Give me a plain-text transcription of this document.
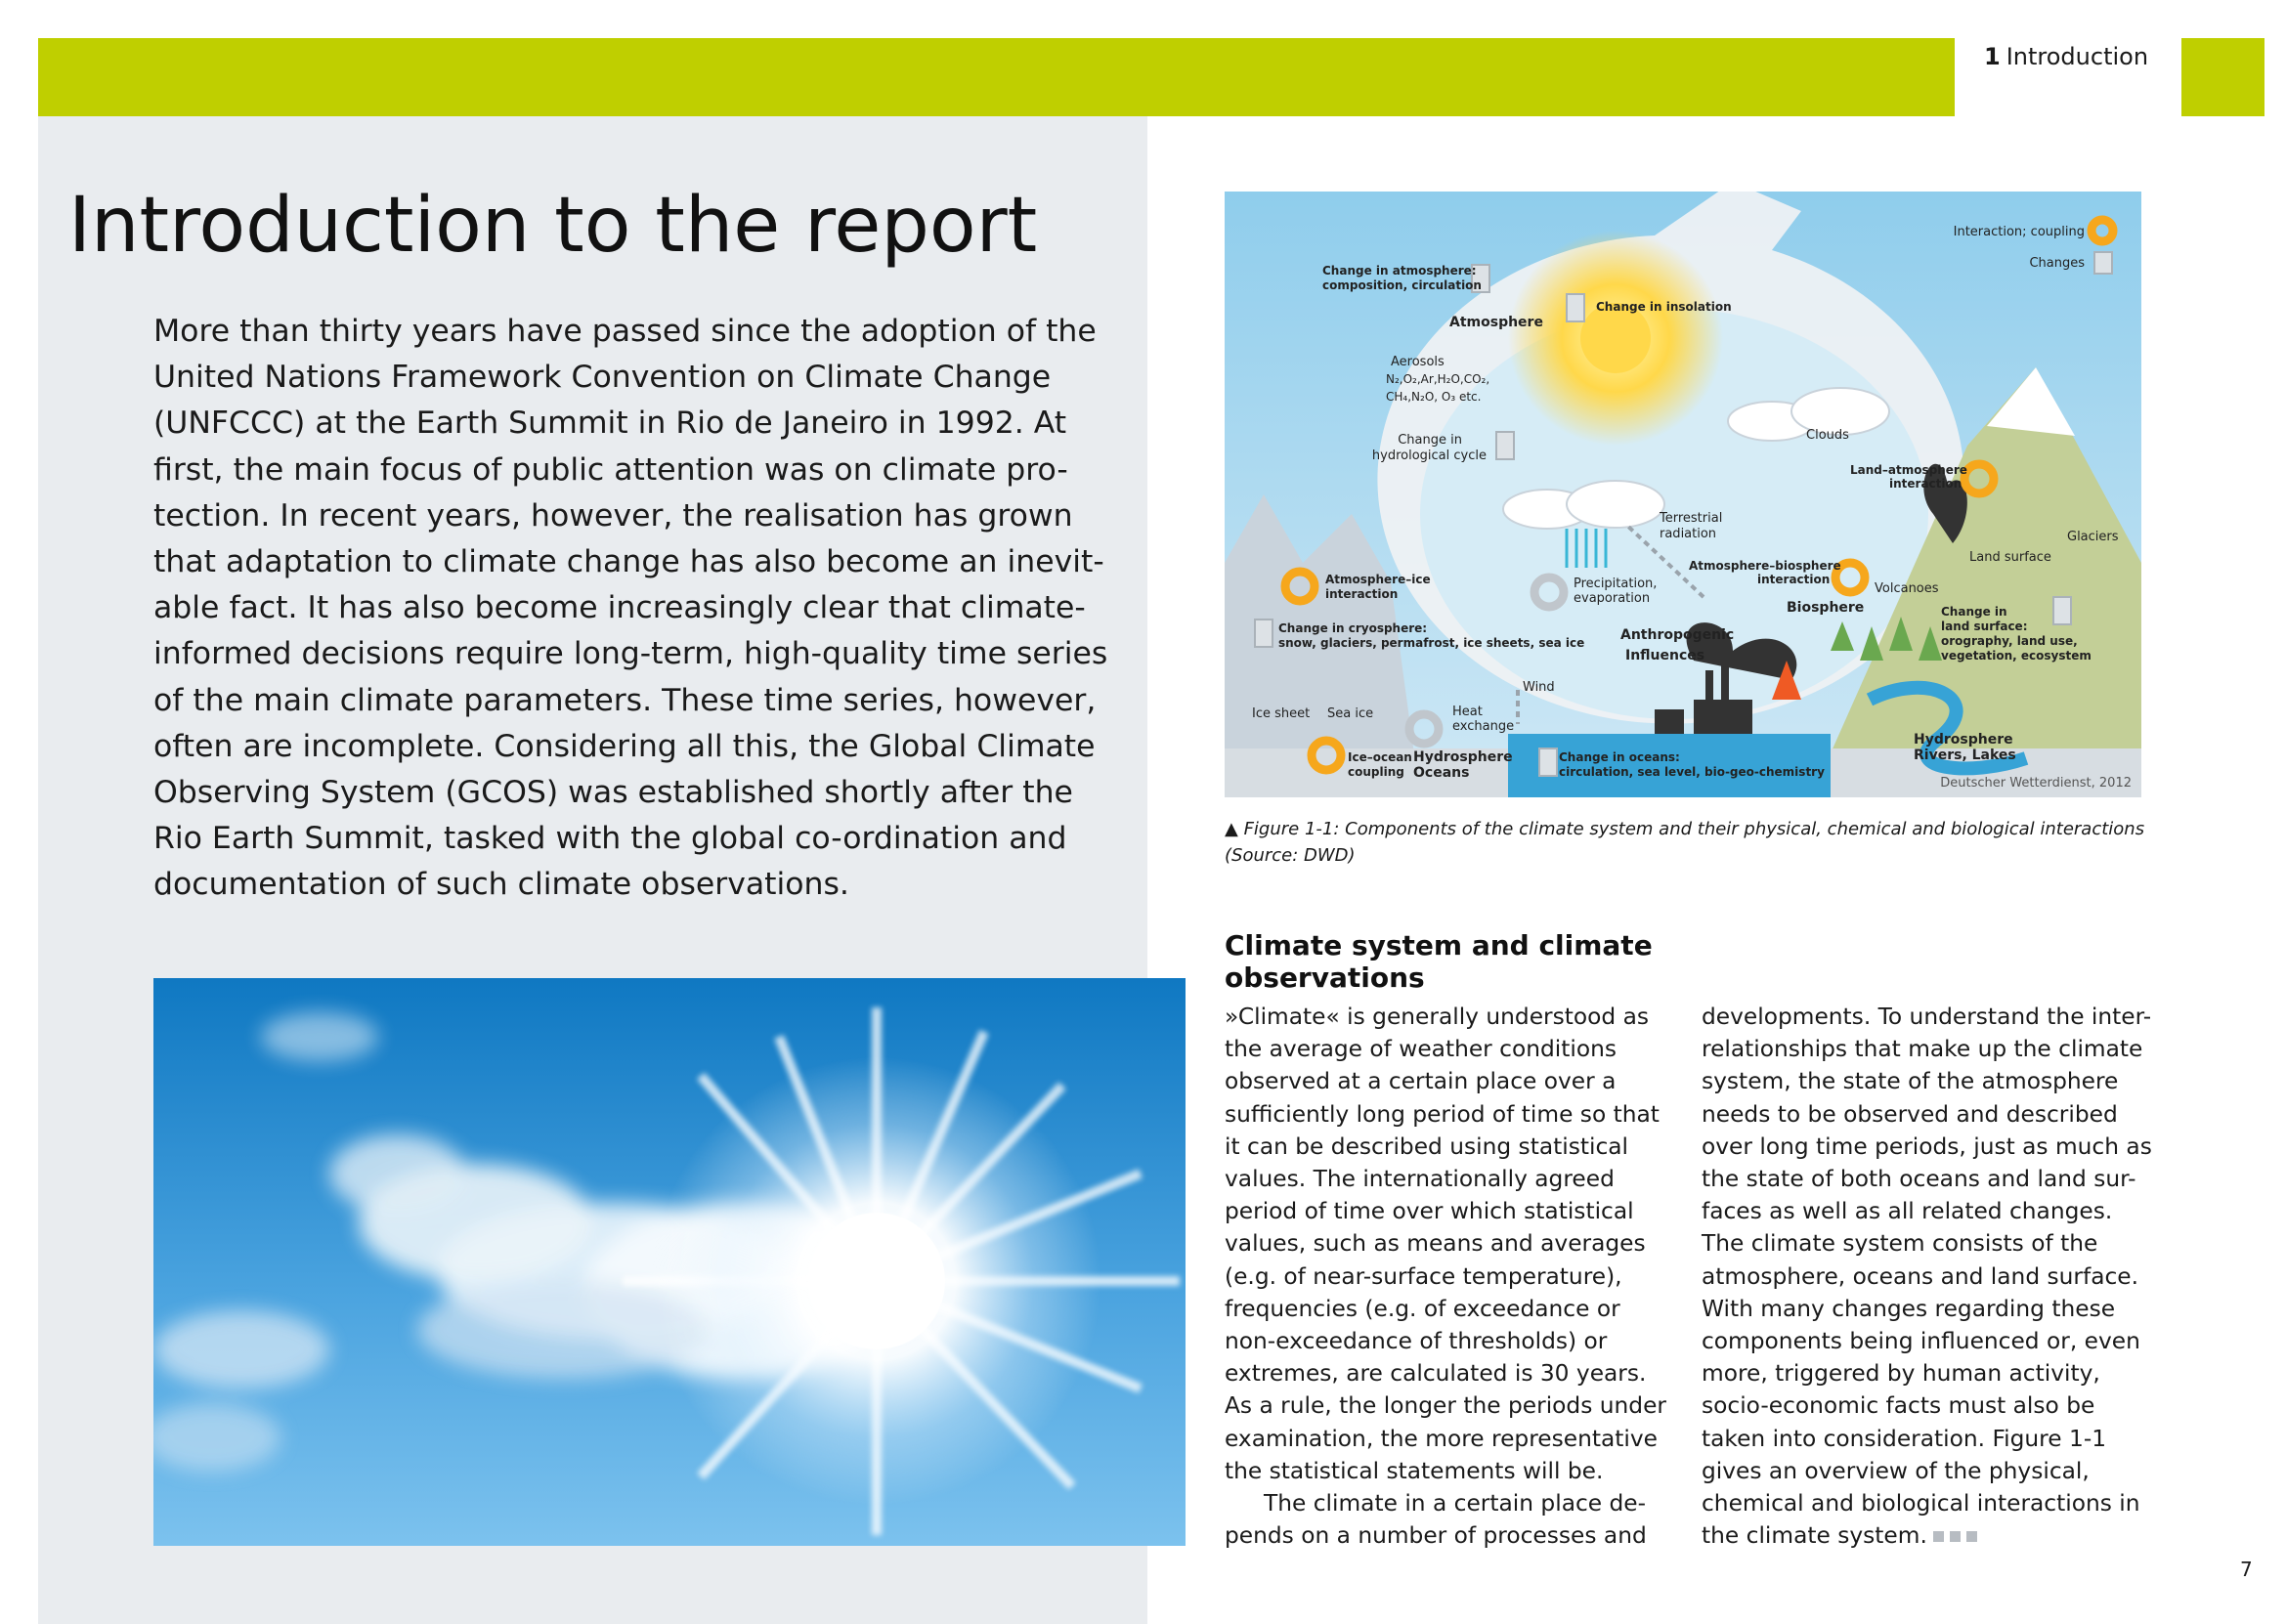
1 Introduction
Introduction to the report
More than thirty years have passed since the adoption of the
United Nations Framework Convention on Climate Change
(UNFCCC) at the Earth Summit in Rio de Janeiro in 1992. At
first, the main focus of public attention was on climate pro-
tection. In recent years, however, the realisation has grown
that adaptation to climate change has also become an inevit-
able fact. It has also become increasingly clear that climate-
informed decisions require long-term, high-quality time series
of the main climate parameters. These time series, however,
often are incomplete. Considering all this, the Global Climate
Observing System (GCOS) was established shortly after the
Rio Earth Summit, tasked with the global co-ordination and
documentation of such climate observations.
Interaction; coupling
Changes
Change in atmosphere:
composition, circulation
Atmosphere
Change in insolation
Aerosols
N₂,O₂,Ar,H₂O,CO₂,
CH₄,N₂O, O₃ etc.
Change in
hydrological cycle
Clouds
Land–atmosphere
interaction
Terrestrial
radiation	Glaciers
Land surface
Atmosphere–ice
interaction
Precipitation,
evaporation
Atmosphere–biosphere
interaction
Volcanoes
Biosphere	Change in
land surface:
orography, land use,
vegetation, ecosystem
Change in cryosphere:
snow, glaciers, permafrost, ice sheets, sea ice	Anthropogenic
Influences
Wind
Ice sheet Sea ice	Heat
exchange
Ice–ocean
coupling
Hydrosphere
Oceans
Change in oceans:
circulation, sea level, bio-geo-chemistry
Hydrosphere
Rivers, Lakes
Deutscher Wetterdienst, 2012
▲ Figure 1-1: Components of the climate system and their physical, chemical and biological interactions
(Source: DWD)
Climate system and climate observations
»Climate« is generally understood as
the average of weather conditions
observed at a certain place over a
sufficiently long period of time so that
it can be described using statistical
values. The internationally agreed
period of time over which statistical
values, such as means and averages
(e.g. of near-surface temperature),
frequencies (e.g. of exceedance or
non-exceedance of thresholds) or
extremes, are calculated is 30 years.
As a rule, the longer the periods under
examination, the more representative
the statistical statements will be.
The climate in a certain place de-
pends on a number of processes and
developments. To understand the inter-
relationships that make up the climate
system, the state of the atmosphere
needs to be observed and described
over long time periods, just as much as
the state of both oceans and land sur-
faces as well as all related changes.
The climate system consists of the
atmosphere, oceans and land surface.
With many changes regarding these
components being influenced or, even
more, triggered by human activity,
socio-economic facts must also be
taken into consideration. Figure 1-1
gives an overview of the physical,
chemical and biological interactions in
the climate system.
7
